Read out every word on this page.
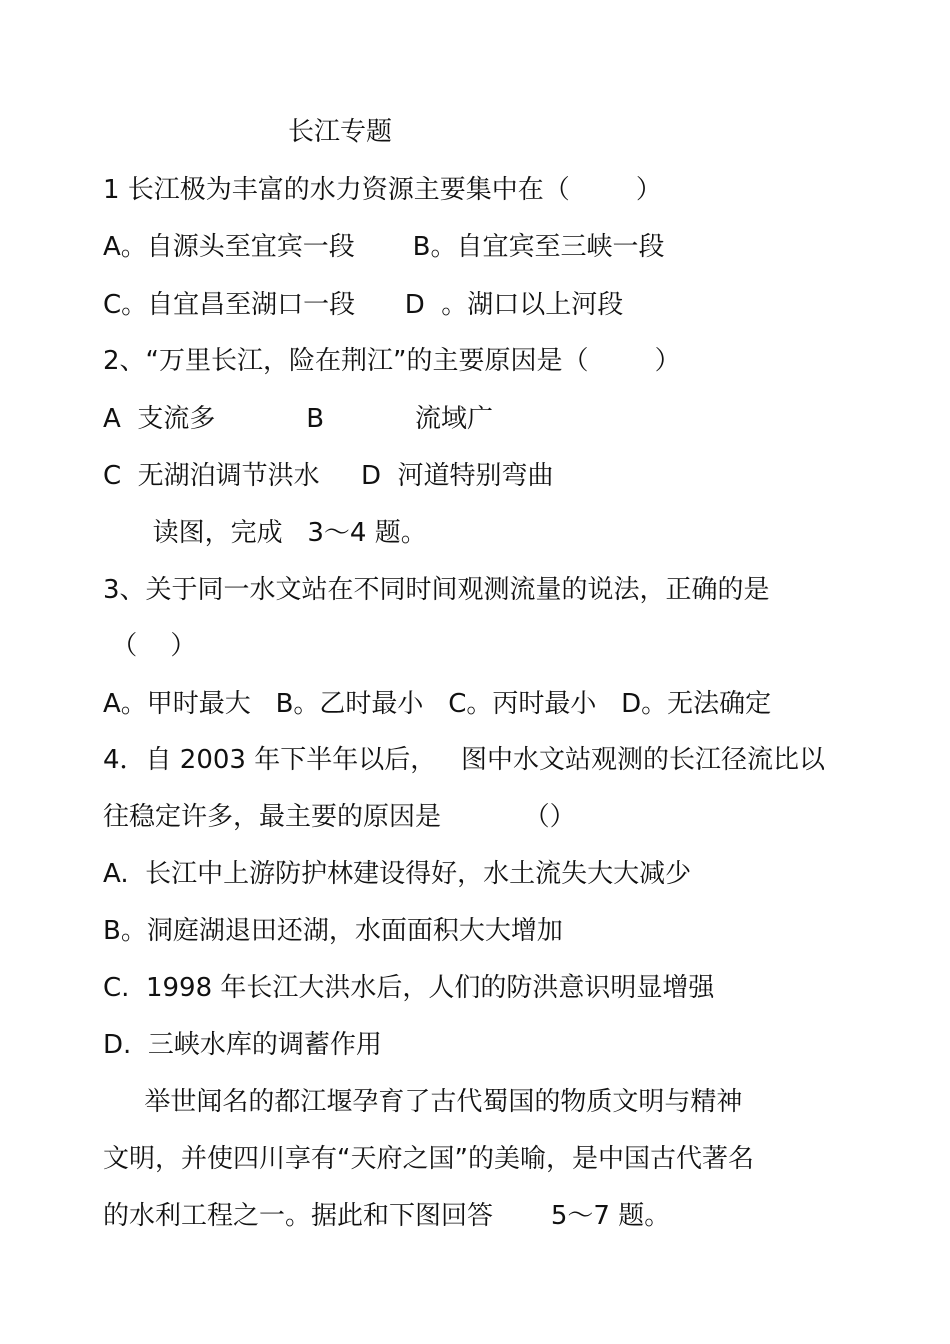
长江专题
1 长江极为丰富的水力资源主要集中在（        ）
A。自源头至宜宾一段       B。自宜宾至三峡一段
C。自宜昌至湖口一段      D  。湖口以上河段
2、“万里长江，险在荆江”的主要原因是（        ）
A  支流多           B           流域广
C  无湖泊调节洪水     D  河道特别弯曲
读图，完成   3～4 题。
3、关于同一水文站在不同时间观测流量的说法，正确的是
（    ）
A。甲时最大   B。乙时最小   C。丙时最小   D。无法确定
4．自 2003 年下半年以后，   图中水文站观测的长江径流比以
往稳定许多，最主要的原因是          （）
A.  长江中上游防护林建设得好，水土流失大大减少
B。洞庭湖退田还湖，水面面积大大增加
C.  1998 年长江大洪水后，人们的防洪意识明显增强
D.  三峡水库的调蓄作用
举世闻名的都江堰孕育了古代蜀国的物质文明与精神
文明，并使四川享有“天府之国”的美喻，是中国古代著名
的水利工程之一。据此和下图回答       5～7 题。
